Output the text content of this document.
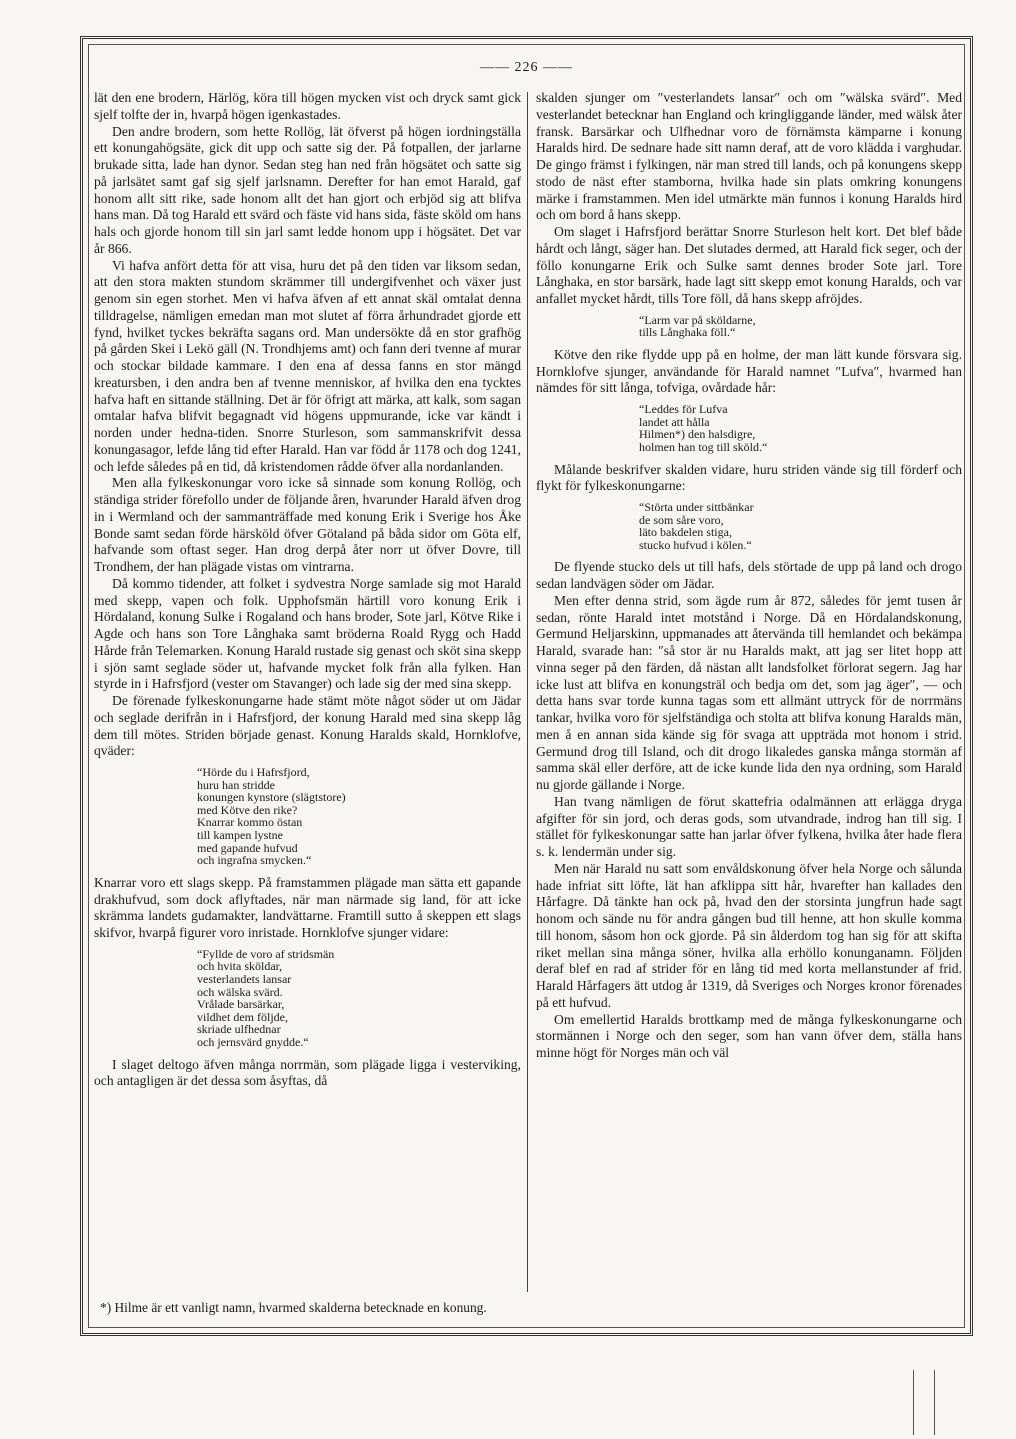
—— 226 ——

lät den ene brodern, Härlög, köra till högen mycken vist och dryck samt gick sjelf tolfte der in, hvarpå högen igenkastades.

Den andre brodern, som hette Rollög, lät öfverst på högen iordningställa ett konungahögsäte, gick dit upp och satte sig der. På fotpallen, der jarlarne brukade sitta, lade han dynor. Sedan steg han ned från högsätet och satte sig på jarlsätet samt gaf sig sjelf jarlsnamn. Derefter for han emot Harald, gaf honom allt sitt rike, sade honom allt det han gjort och erbjöd sig att blifva hans man. Då tog Harald ett svärd och fäste vid hans sida, fäste sköld om hans hals och gjorde honom till sin jarl samt ledde honom upp i högsätet. Det var år 866.

Vi hafva anfört detta för att visa, huru det på den tiden var liksom sedan, att den stora makten stundom skrämmer till undergifvenhet och växer just genom sin egen storhet. Men vi hafva äfven af ett annat skäl omtalat denna tilldragelse, nämligen emedan man mot slutet af förra århundradet gjorde ett fynd, hvilket tyckes bekräfta sagans ord. Man undersökte då en stor grafhög på gården Skei i Lekö gäll (N. Trondhjems amt) och fann deri tvenne af murar och stockar bildade kammare. I den ena af dessa fanns en stor mängd kreatursben, i den andra ben af tvenne menniskor, af hvilka den ena tycktes hafva haft en sittande ställning. Det är för öfrigt att märka, att kalk, som sagan omtalar hafva blifvit begagnadt vid högens uppmurande, icke var kändt i norden under hedna-tiden. Snorre Sturleson, som sammanskrifvit dessa konungasagor, lefde lång tid efter Harald. Han var född år 1178 och dog 1241, och lefde således på en tid, då kristendomen rådde öfver alla nordanlanden.

Men alla fylkeskonungar voro icke så sinnade som konung Rollög, och ständiga strider förefollo under de följande åren, hvarunder Harald äfven drog in i Wermland och der sammanträffade med konung Erik i Sverige hos Åke Bonde samt sedan förde härsköld öfver Götaland på båda sidor om Göta elf, hafvande som oftast seger. Han drog derpå åter norr ut öfver Dovre, till Trondhem, der han plägade vistas om vintrarna.

Då kommo tidender, att folket i sydvestra Norge samlade sig mot Harald med skepp, vapen och folk. Upphofsmän härtill voro konung Erik i Hördaland, konung Sulke i Rogaland och hans broder, Sote jarl, Kötve Rike i Agde och hans son Tore Långhaka samt bröderna Roald Rygg och Hadd Hårde från Telemarken. Konung Harald rustade sig genast och sköt sina skepp i sjön samt seglade söder ut, hafvande mycket folk från alla fylken. Han styrde in i Hafrsfjord (vester om Stavanger) och lade sig der med sina skepp.

De förenade fylkeskonungarne hade stämt möte något söder ut om Jädar och seglade derifrån in i Hafrsfjord, der konung Harald med sina skepp låg dem till mötes. Striden började genast. Konung Haralds skald, Hornklofve, qväder:

“Hörde du i Hafrsfjord,
huru han stridde
konungen kynstore (slägtstore)
med Kötve den rike?
Knarrar kommo östan
till kampen lystne
med gapande hufvud
och ingrafna smycken.“

Knarrar voro ett slags skepp. På framstammen plägade man sätta ett gapande drakhufvud, som dock aflyftades, när man närmade sig land, för att icke skrämma landets gudamakter, landvättarne. Framtill sutto å skeppen ett slags skifvor, hvarpå figurer voro inristade. Hornklofve sjunger vidare:

“Fyllde de voro af stridsmän
och hvita sköldar,
vesterlandets lansar
och wälska svärd.
Vrålade barsärkar,
vildhet dem följde,
skriade ulfhednar
och jernsvärd gnydde.“

I slaget deltogo äfven många norrmän, som plägade ligga i vesterviking, och antagligen är det dessa som åsyftas, då

skalden sjunger om ″vesterlandets lansar″ och om ″wälska svärd″. Med vesterlandet betecknar han England och kringliggande länder, med wälsk åter fransk. Barsärkar och Ulfhednar voro de förnämsta kämparne i konung Haralds hird. De sednare hade sitt namn deraf, att de voro klädda i varghudar. De gingo främst i fylkingen, när man stred till lands, och på konungens skepp stodo de näst efter stamborna, hvilka hade sin plats omkring konungens märke i framstammen. Men idel utmärkte män funnos i konung Haralds hird och om bord å hans skepp.

Om slaget i Hafrsfjord berättar Snorre Sturleson helt kort. Det blef både hårdt och långt, säger han. Det slutades dermed, att Harald fick seger, och der föllo konungarne Erik och Sulke samt dennes broder Sote jarl. Tore Långhaka, en stor barsärk, hade lagt sitt skepp emot konung Haralds, och var anfallet mycket hårdt, tills Tore föll, då hans skepp afröjdes.

“Larm var på sköldarne,
tills Långhaka föll.“

Kötve den rike flydde upp på en holme, der man lätt kunde försvara sig. Hornklofve sjunger, användande för Harald namnet ″Lufva″, hvarmed han nämdes för sitt långa, tofviga, ovårdade hår:

“Leddes för Lufva
landet att hålla
Hilmen*) den halsdigre,
holmen han tog till sköld.“

Målande beskrifver skalden vidare, huru striden vände sig till förderf och flykt för fylkeskonungarne:

“Störta under sittbänkar
de som såre voro,
läto bakdelen stiga,
stucko hufvud i kölen.“

De flyende stucko dels ut till hafs, dels störtade de upp på land och drogo sedan landvägen söder om Jädar.

Men efter denna strid, som ägde rum år 872, således för jemt tusen år sedan, rönte Harald intet motstånd i Norge. Då en Hördalandskonung, Germund Heljarskinn, uppmanades att återvända till hemlandet och bekämpa Harald, svarade han: ″så stor är nu Haralds makt, att jag ser litet hopp att vinna seger på den färden, då nästan allt landsfolket förlorat segern. Jag har icke lust att blifva en konungsträl och bedja om det, som jag äger″, — och detta hans svar torde kunna tagas som ett allmänt uttryck för de norrmäns tankar, hvilka voro för sjelfständiga och stolta att blifva konung Haralds män, men å en annan sida kände sig för svaga att uppträda mot honom i strid. Germund drog till Island, och dit drogo likaledes ganska många stormän af samma skäl eller derföre, att de icke kunde lida den nya ordning, som Harald nu gjorde gällande i Norge.

Han tvang nämligen de förut skattefria odalmännen att erlägga dryga afgifter för sin jord, och deras gods, som utvandrade, indrog han till sig. I stället för fylkeskonungar satte han jarlar öfver fylkena, hvilka åter hade flera s. k. lendermän under sig.

Men när Harald nu satt som envåldskonung öfver hela Norge och sålunda hade infriat sitt löfte, lät han afklippa sitt hår, hvarefter han kallades den Hårfagre. Då tänkte han ock på, hvad den der storsinta jungfrun hade sagt honom och sände nu för andra gången bud till henne, att hon skulle komma till honom, såsom hon ock gjorde. På sin ålderdom tog han sig för att skifta riket mellan sina många söner, hvilka alla erhöllo konunganamn. Följden deraf blef en rad af strider för en lång tid med korta mellanstunder af frid. Harald Hårfagers ätt utdog år 1319, då Sveriges och Norges kronor förenades på ett hufvud.

Om emellertid Haralds brottkamp med de många fylkeskonungarne och stormännen i Norge och den seger, som han vann öfver dem, ställa hans minne högt för Norges män och väl

*) Hilme är ett vanligt namn, hvarmed skalderna betecknade en konung.
